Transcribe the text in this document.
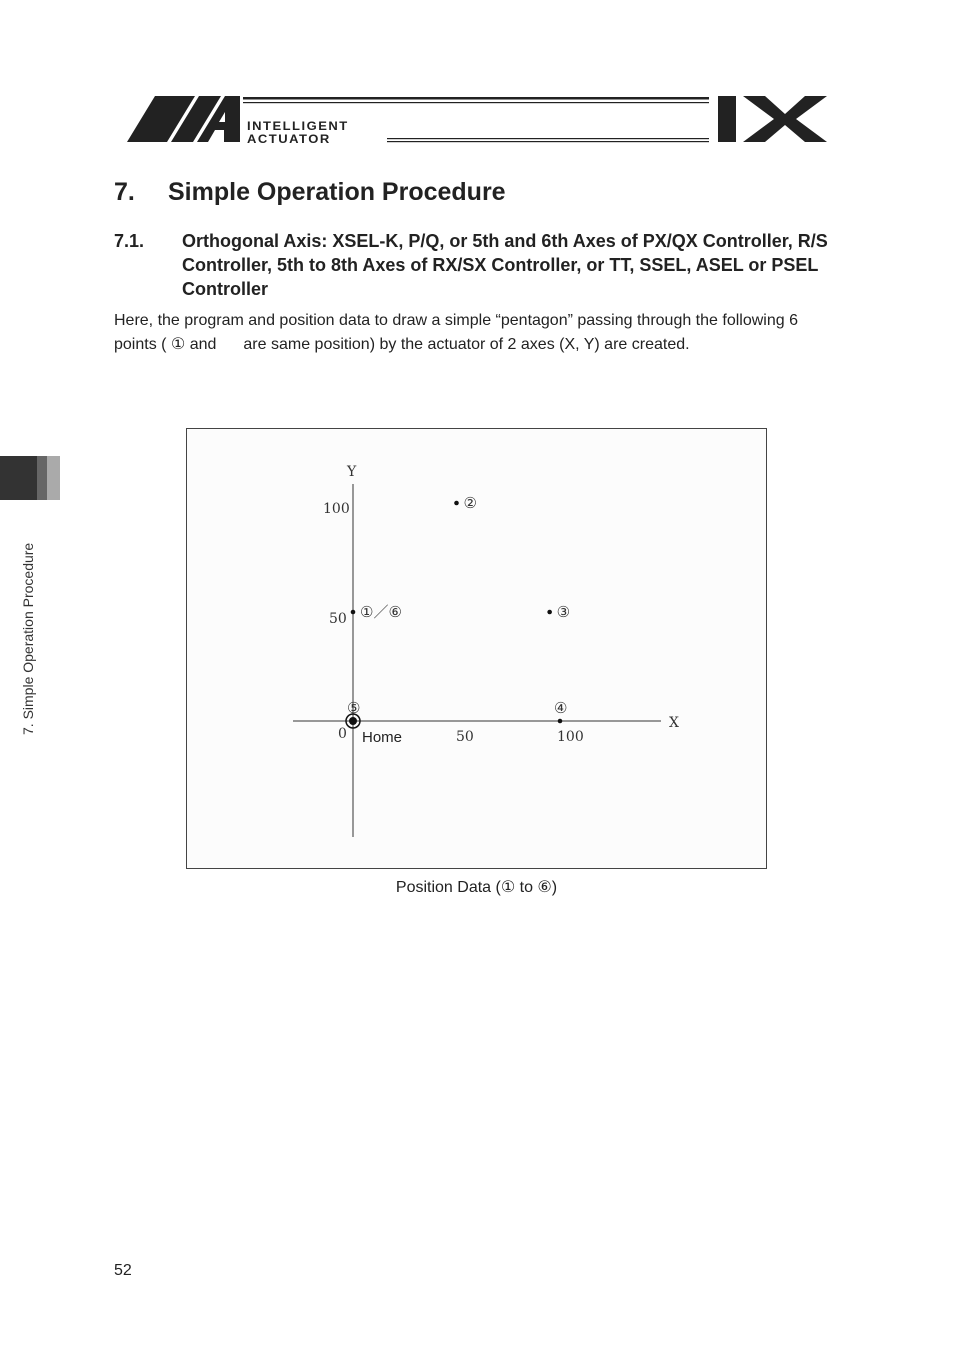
INTELLIGENT
ACTUATOR
7. Simple Operation Procedure
7. Simple Operation Procedure
7.1. Orthogonal Axis: XSEL-K, P/Q, or 5th and 6th Axes of PX/QX Controller, R/S Controller, 5th to 8th Axes of RX/SX Controller, or TT, SSEL, ASEL or PSEL Controller
Here, the program and position data to draw a simple “pentagon” passing through the following 6
points ( ① and are same position) by the actuator of 2 axes (X, Y) are created.
X
Y
0	50	100
50
100
Home
①／⑥
②
③
④
⑤
Position Data (① to ⑥)
52
